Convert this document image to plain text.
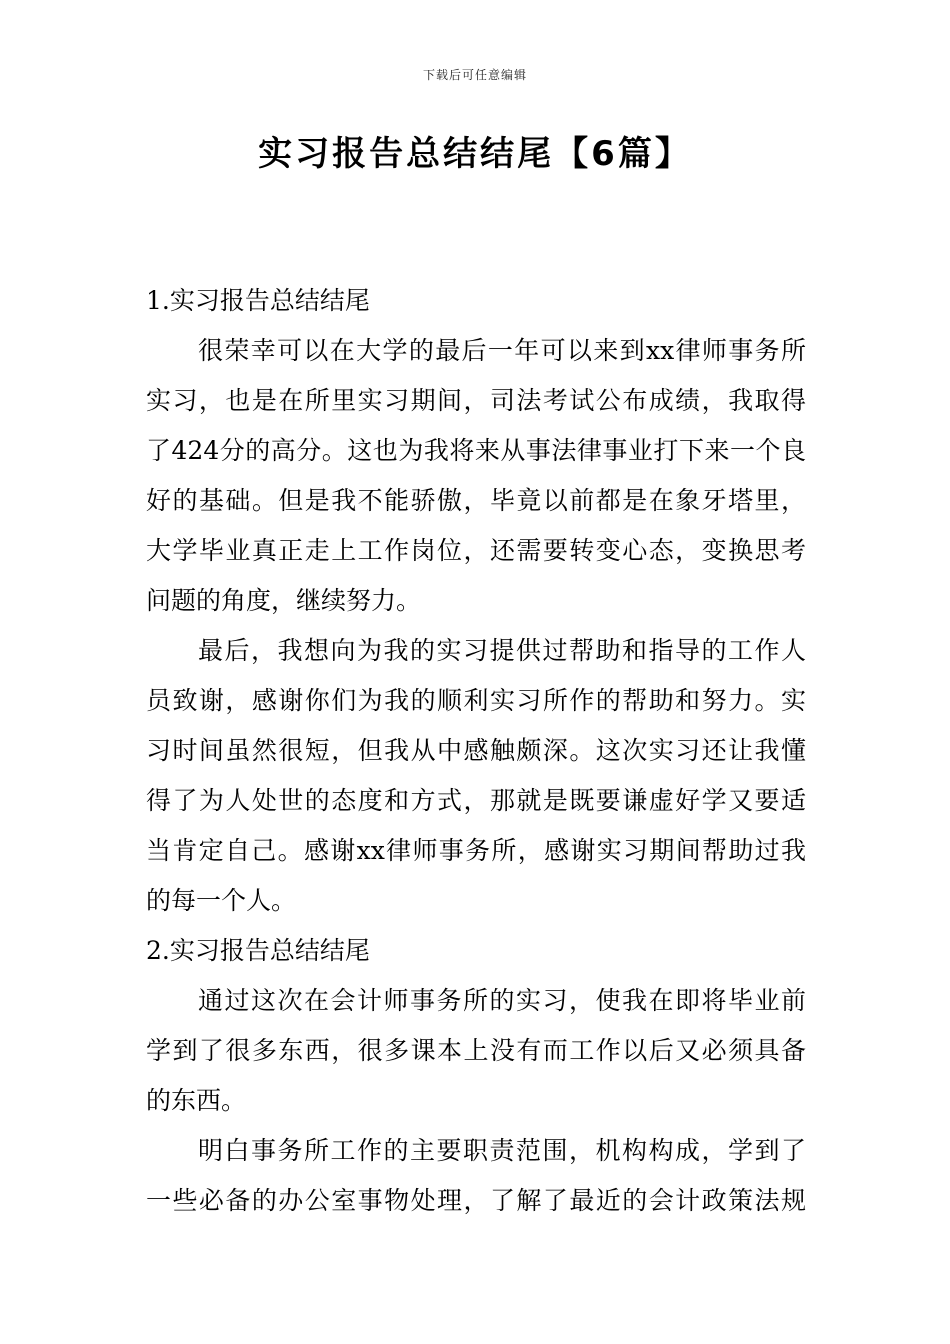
下载后可任意编辑
实习报告总结结尾【6篇】
1.实习报告总结结尾
很荣幸可以在大学的最后一年可以来到xx律师事务所
实习，也是在所里实习期间，司法考试公布成绩，我取得
了424分的高分。这也为我将来从事法律事业打下来一个良
好的基础。但是我不能骄傲，毕竟以前都是在象牙塔里，
大学毕业真正走上工作岗位，还需要转变心态，变换思考
问题的角度，继续努力。
最后，我想向为我的实习提供过帮助和指导的工作人
员致谢，感谢你们为我的顺利实习所作的帮助和努力。实
习时间虽然很短，但我从中感触颇深。这次实习还让我懂
得了为人处世的态度和方式，那就是既要谦虚好学又要适
当肯定自己。感谢xx律师事务所，感谢实习期间帮助过我
的每一个人。
2.实习报告总结结尾
通过这次在会计师事务所的实习，使我在即将毕业前
学到了很多东西，很多课本上没有而工作以后又必须具备
的东西。
明白事务所工作的主要职责范围，机构构成，学到了
一些必备的办公室事物处理，了解了最近的会计政策法规
